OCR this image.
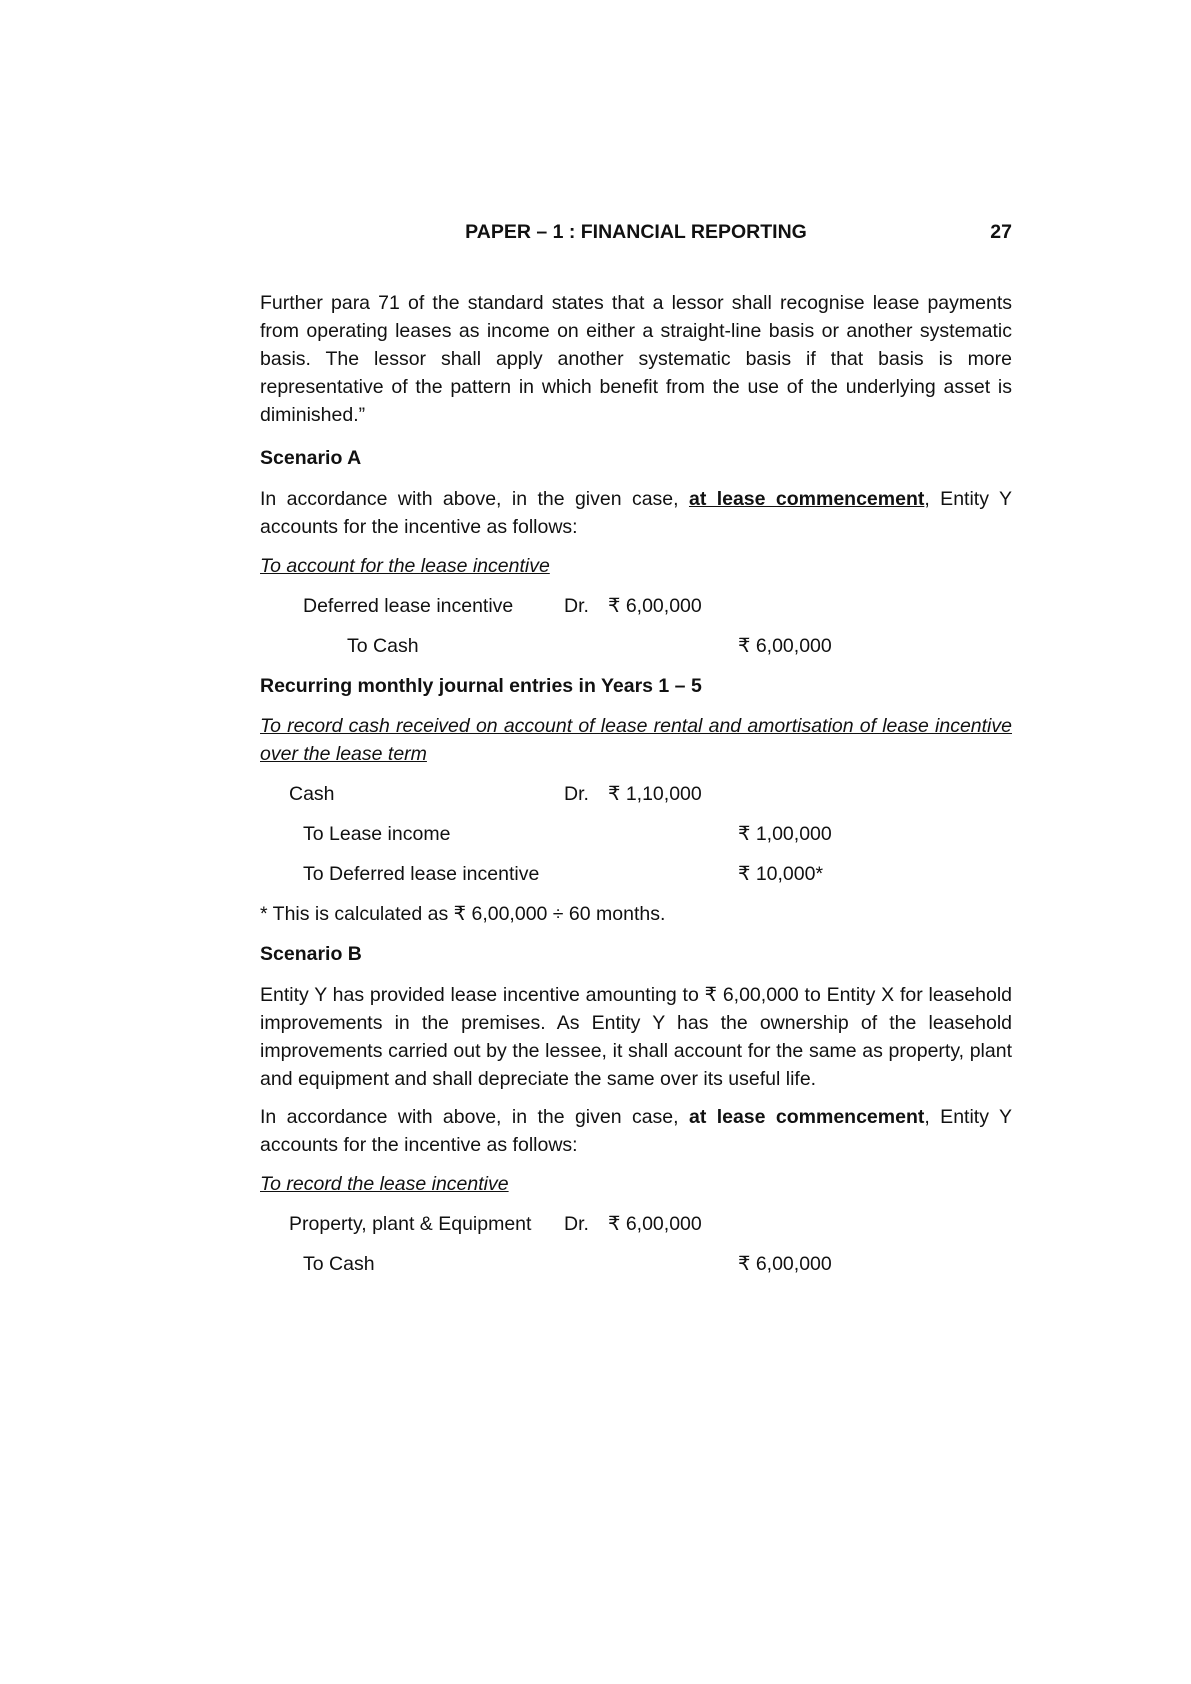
PAPER – 1 : FINANCIAL REPORTING	27

Further para 71 of the standard states that a lessor shall recognise lease payments from operating leases as income on either a straight-line basis or another systematic basis. The lessor shall apply another systematic basis if that basis is more representative of the pattern in which benefit from the use of the underlying asset is diminished.”

Scenario A

In accordance with above, in the given case, at lease commencement, Entity Y accounts for the incentive as follows:

To account for the lease incentive
Deferred lease incentive	Dr. ₹ 6,00,000
To Cash	₹ 6,00,000
Recurring monthly journal entries in Years 1 – 5

To record cash received on account of lease rental and amortisation of lease incentive over the lease term

Cash	Dr. ₹ 1,10,000
To Lease income	₹ 1,00,000
To Deferred lease incentive	₹ 10,000*
* This is calculated as ₹ 6,00,000 ÷ 60 months.
Scenario B

Entity Y has provided lease incentive amounting to ₹ 6,00,000 to Entity X for leasehold improvements in the premises. As Entity Y has the ownership of the leasehold improvements carried out by the lessee, it shall account for the same as property, plant and equipment and shall depreciate the same over its useful life.

In accordance with above, in the given case, at lease commencement, Entity Y accounts for the incentive as follows:

To record the lease incentive
Property, plant & Equipment Dr. ₹ 6,00,000
To Cash	₹ 6,00,000
